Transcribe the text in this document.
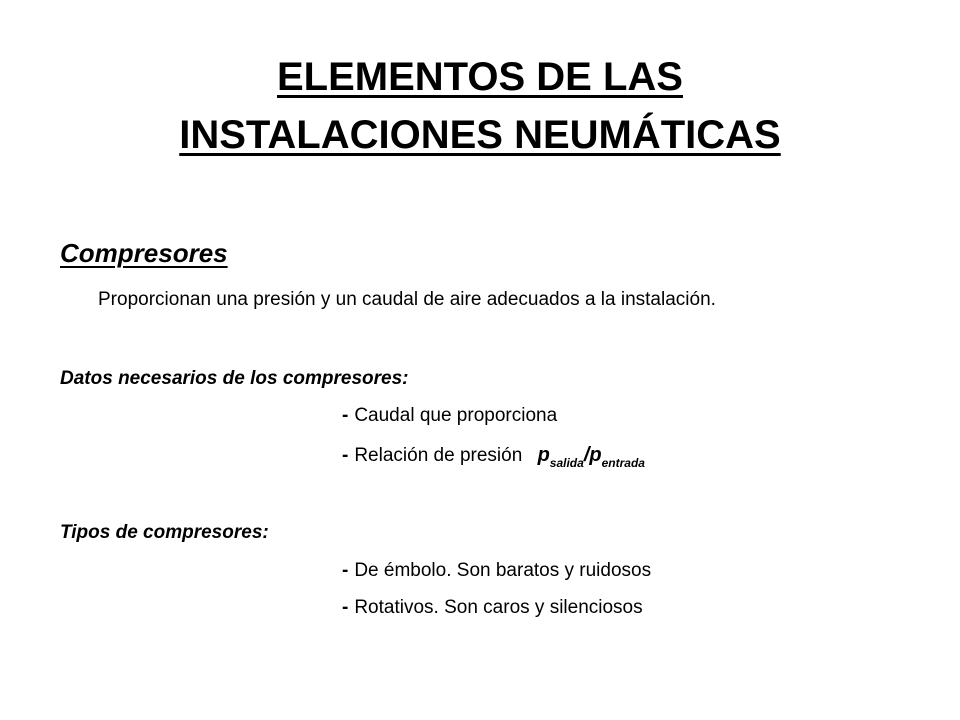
ELEMENTOS DE LAS
INSTALACIONES NEUMÁTICAS
Compresores
Proporcionan una presión y un caudal de aire adecuados a la instalación.
Datos necesarios de los compresores:
- Caudal que proporciona
- Relación de presión $p_{salida}/p_{entrada}$
Tipos de compresores:
- De émbolo. Son baratos y ruidosos
- Rotativos. Son caros y silenciosos
